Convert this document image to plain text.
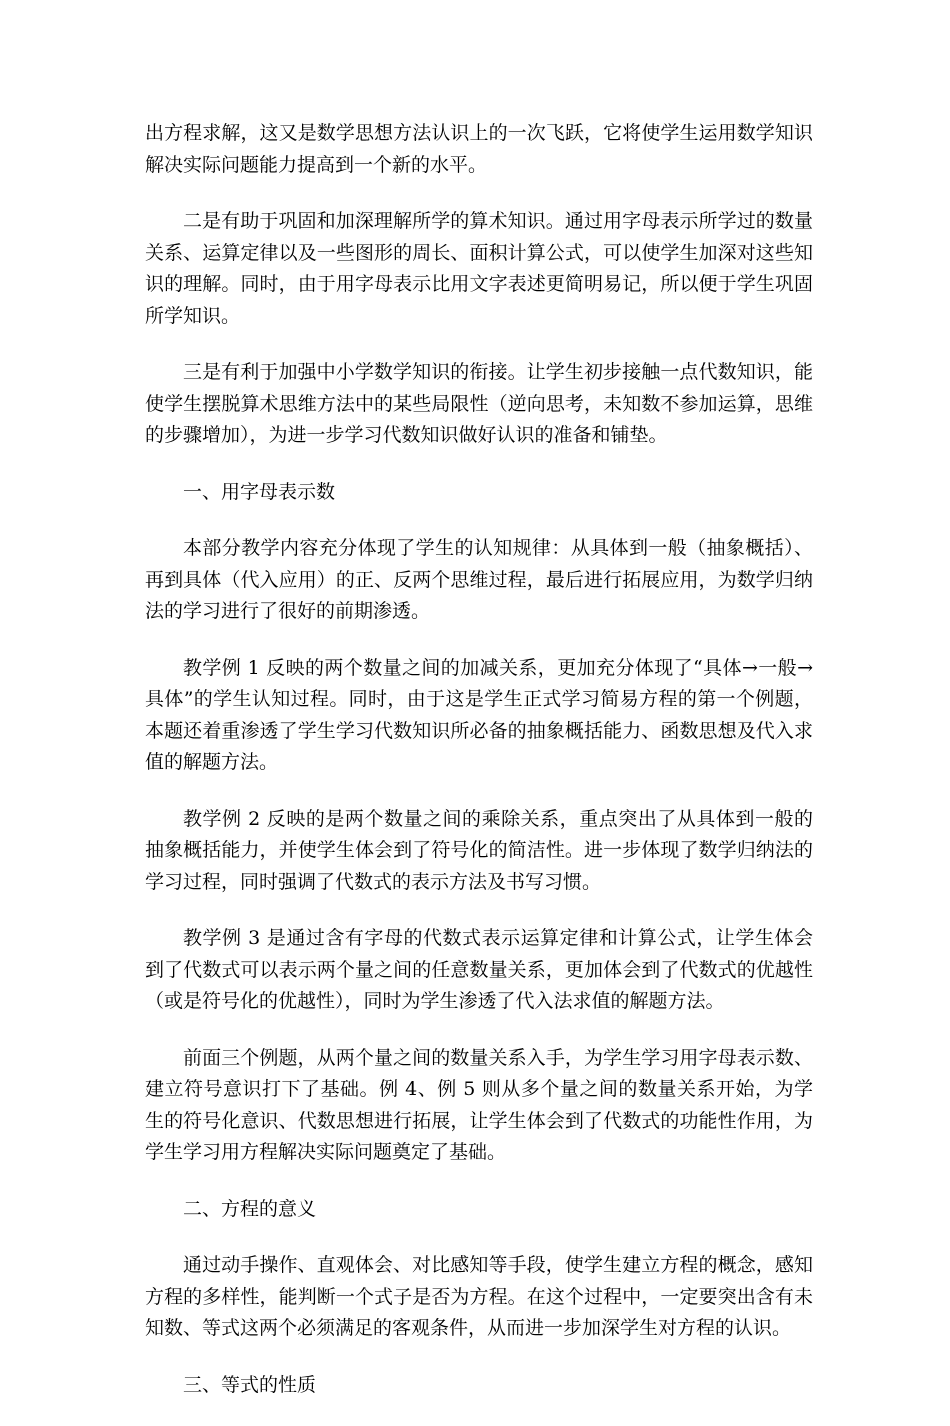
出方程求解，这又是数学思想方法认识上的一次飞跃，它将使学生运用数学知识解决实际问题能力提高到一个新的水平。

二是有助于巩固和加深理解所学的算术知识。通过用字母表示所学过的数量关系、运算定律以及一些图形的周长、面积计算公式，可以使学生加深对这些知识的理解。同时，由于用字母表示比用文字表述更简明易记，所以便于学生巩固所学知识。

三是有利于加强中小学数学知识的衔接。让学生初步接触一点代数知识，能使学生摆脱算术思维方法中的某些局限性（逆向思考，未知数不参加运算，思维的步骤增加），为进一步学习代数知识做好认识的准备和铺垫。

一、用字母表示数

本部分教学内容充分体现了学生的认知规律：从具体到一般（抽象概括）、再到具体（代入应用）的正、反两个思维过程，最后进行拓展应用，为数学归纳法的学习进行了很好的前期渗透。

教学例 1 反映的两个数量之间的加减关系，更加充分体现了“具体→一般→具体”的学生认知过程。同时，由于这是学生正式学习简易方程的第一个例题，本题还着重渗透了学生学习代数知识所必备的抽象概括能力、函数思想及代入求值的解题方法。

教学例 2 反映的是两个数量之间的乘除关系，重点突出了从具体到一般的抽象概括能力，并使学生体会到了符号化的简洁性。进一步体现了数学归纳法的学习过程，同时强调了代数式的表示方法及书写习惯。

教学例 3 是通过含有字母的代数式表示运算定律和计算公式，让学生体会到了代数式可以表示两个量之间的任意数量关系，更加体会到了代数式的优越性（或是符号化的优越性），同时为学生渗透了代入法求值的解题方法。

前面三个例题，从两个量之间的数量关系入手，为学生学习用字母表示数、建立符号意识打下了基础。例 4、例 5 则从多个量之间的数量关系开始，为学生的符号化意识、代数思想进行拓展，让学生体会到了代数式的功能性作用，为学生学习用方程解决实际问题奠定了基础。

二、方程的意义

通过动手操作、直观体会、对比感知等手段，使学生建立方程的概念，感知方程的多样性，能判断一个式子是否为方程。在这个过程中，一定要突出含有未知数、等式这两个必须满足的客观条件，从而进一步加深学生对方程的认识。

三、等式的性质
